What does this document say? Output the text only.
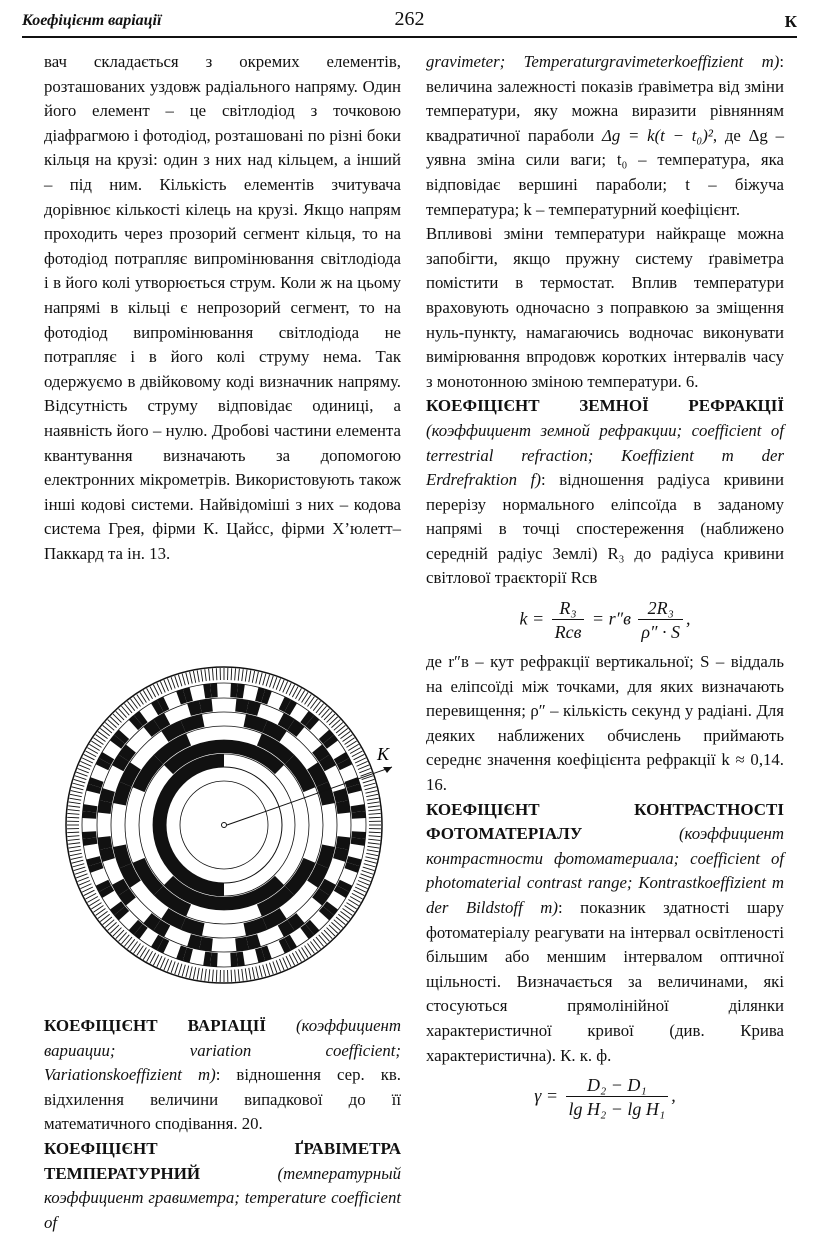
Коефіцієнт варіації	262	К

вач складається з окремих елементів, розташованих уздовж радіального напряму. Один його елемент – це світлодіод з точковою діафрагмою і фотодіод, розташовані по різні боки кільця на крузі: один з них над кільцем, а інший – під ним. Кількість елементів зчитувача дорівнює кількості кілець на крузі. Якщо напрям проходить через прозорий сегмент кільця, то на фотодіод потрапляє випромінювання світлодіода і в його колі утворюється струм. Коли ж на цьому напрямі в кільці є непрозорий сегмент, то на фотодіод випромінювання світлодіода не потрапляє і в його колі струму нема. Так одержуємо в двійковому коді визначник напряму. Відсутність струму відповідає одиниці, а наявність його – нулю. Дробові частини елемента квантування визначають за допомогою електронних мікрометрів. Використовують також інші кодові системи. Найвідоміші з них – кодова система Грея, фірми К. Цайсс, фірми Х’юлетт–Паккард та ін. 13.

K

КОЕФІЦІЄНТ ВАРІАЦІЇ (коэффициент вариации; variation coefficient; Variationskoeffizient m): відношення сер. кв. відхилення величини випадкової до її математичного сподівання. 20.

КОЕФІЦІЄНТ ҐРАВІМЕТРА ТЕМПЕРАТУРНИЙ	(температурный коэффициент гравиметра; temperature coefficient of

gravimeter; Temperaturgravimeterkoeffizient m): величина залежності показів ґравіметра від зміни температури, яку можна виразити рівнянням квадратичної параболи Δg = k(t − t₀)², де Δg – уявна зміна сили ваги; t₀ – температура, яка відповідає вершині параболи; t – біжуча температура; k – температурний коефіцієнт.

Впливові зміни температури найкраще можна запобігти, якщо пружну систему ґравіметра помістити в термостат. Вплив температури враховують одночасно з поправкою за зміщення нуль-пункту, намагаючись водночас виконувати вимірювання впродовж коротких інтервалів часу з монотонною зміною температури. 6.

КОЕФІЦІЄНТ ЗЕМНОЇ РЕФРАКЦІЇ (коэффициент земной рефракции; coefficient of terrestrial refraction; Koeffizient m der Erdrefraktion f): відношення радіуса кривини перерізу нормального еліпсоїда в заданому напрямі в точці спостереження (наближено середній радіус Землі) R₃ до радіуса кривини світлової траєкторії Rсв

$k = \frac{\text{R₃}}{\text{Rсв}} = r''в \frac{\text{2R₃}}{\rho'' \cdot S}$ ,

де r″в – кут рефракції вертикальної; S – віддаль на еліпсоїді між точками, для яких визначають перевищення; ρ″ – кількість секунд у радіані. Для деяких наближених обчислень приймають середнє значення коефіцієнта рефракції k ≈ 0,14. 16.

КОЕФІЦІЄНТ КОНТРАСТНОСТІ ФОТОМАТЕРІАЛУ	(коэффициент контрастности фотоматериала; coefficient of photomaterial contrast range; Kontrastkoeffizient m der Bildstoff m): показник здатності шару фотоматеріалу реагувати на інтервал освітленості більшим або меншим інтервалом оптичної щільності. Визначається за величинами, які стосуються прямолінійної ділянки характеристичної кривої (див. Крива характеристична). К. к. ф.

$\gamma = \frac{\text{D₂ − D₁}}{\text{lg H₂ − lg H₁}}$ ,
